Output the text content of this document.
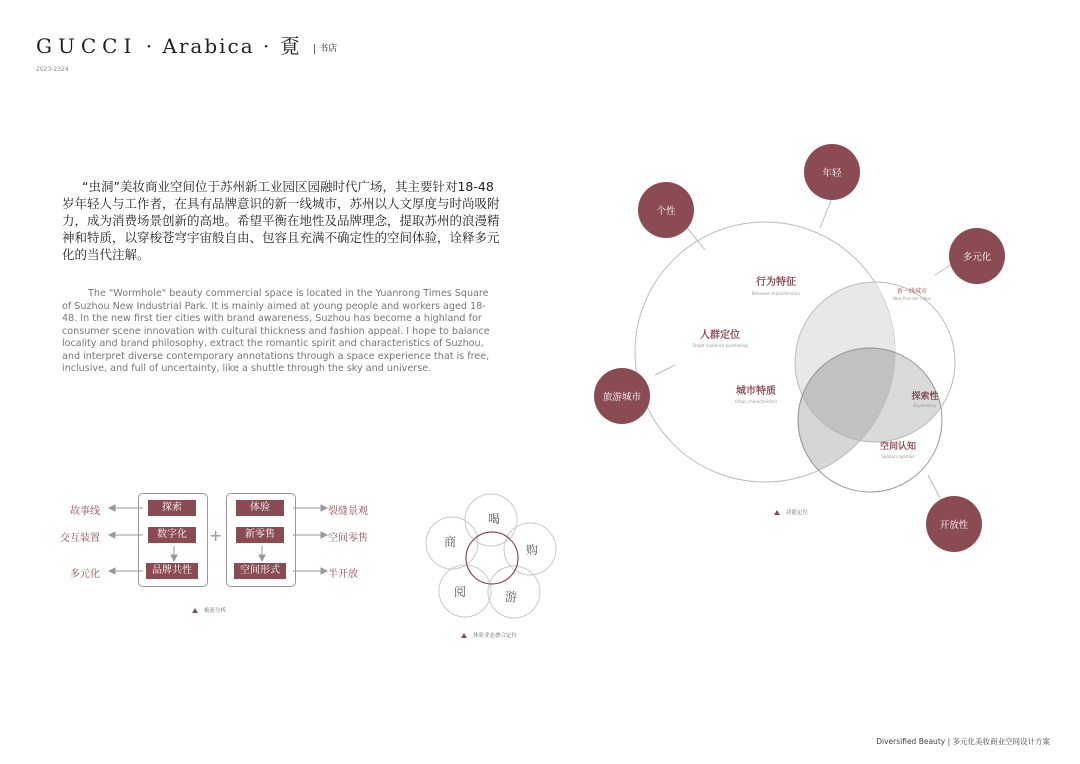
GUCCI · Arabica · 覔 书店
2023-2324
“虫洞”美妆商业空间位于苏州新工业园区园融时代广场，其主要针对18-48岁年轻人与工作者，在具有品牌意识的新一线城市，苏州以人文厚度与时尚吸附力，成为消费场景创新的高地。希望平衡在地性及品牌理念，提取苏州的浪漫精神和特质，以穿梭苍穹宇宙般自由、包容且充满不确定性的空间体验，诠释多元化的当代注解。
The "Wormhole" beauty commercial space is located in the Yuanrong Times Square of Suzhou New Industrial Park. It is mainly aimed at young people and workers aged 18-48. In the new first tier cities with brand awareness, Suzhou has become a highland for consumer scene innovation with cultural thickness and fashion appeal. I hope to balance locality and brand philosophy, extract the romantic spirit and characteristics of Suzhou, and interpret diverse contemporary annotations through a space experience that is free, inclusive, and full of uncertainty, like a shuttle through the sky and universe.
故事线
交互装置
多元化
探索
数字化
品牌共性
+
体验
新零售
空间形式
裂缝景观
空间零售
半开放
梳流分析
喝
购
游
阅
商
体验业态叠合定位
行为特征
人群定位
城市特质	探索性
空间认知
新一线城市
Behavior characteristics
Target audience positioning
Urban characteristics
New first-tier cities
Exploratory
Spatial cognition
年轻
个性
多元化
旅游城市
开放性
功能定位
Diversified Beauty | 多元化美妆商业空间设计方案
